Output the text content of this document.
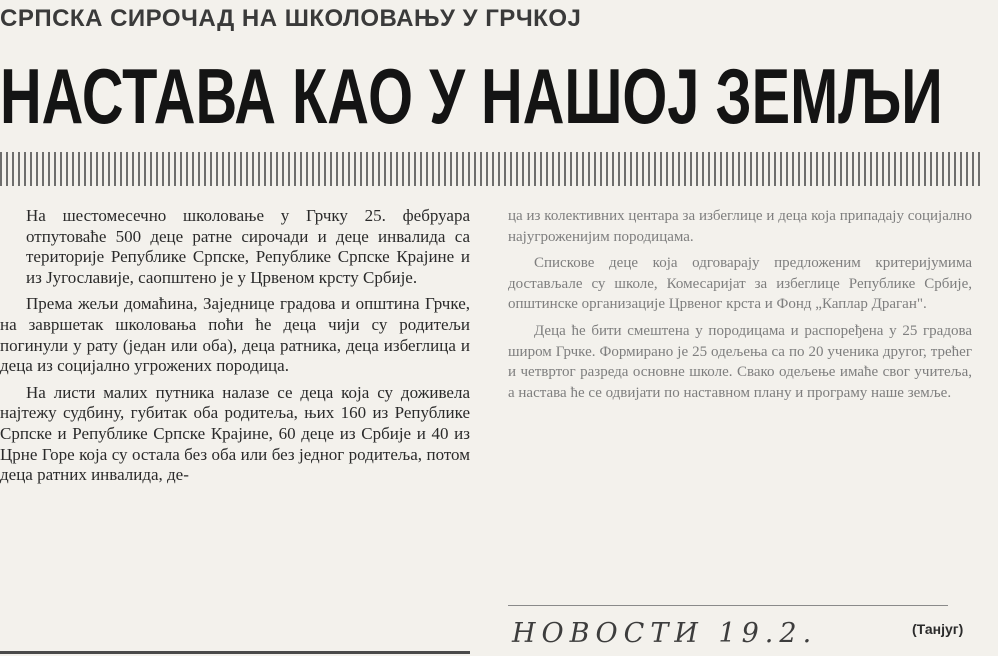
СРПСКА СИРОЧАД НА ШКОЛОВАЊУ У ГРЧКОЈ
НАСТАВА КАО У НАШОЈ ЗЕМЉИ

На шестомесечно школовање у Грчку 25. фебруара отпутоваће 500 деце ратне сирочади и деце инвалида са територије Републике Српске, Републике Српске Крајине и из Југославије, саопштено је у Црвеном крсту Србије.

Према жељи домаћина, Заједнице градова и општина Грчке, на завршетак школовања поћи ће деца чији су родитељи погинули у рату (један или оба), деца ратника, деца избеглица и деца из социјално угрожених породица.

На листи малих путника налазе се деца која су доживела најтежу судбину, губитак оба родитеља, њих 160 из Републике Српске и Републике Српске Крајине, 60 деце из Србије и 40 из Црне Горе која су остала без оба или без једног родитеља, потом деца ратних инвалида, де-

ца из колективних центара за избеглице и деца која припадају социјално најугроженијим породицама.

Спискове деце која одговарају предложеним критеријумима достављале су школе, Комесаријат за избеглице Републике Србије, општинске организације Црвеног крста и Фонд „Каплар Драган".

Деца ће бити смештена у породицама и распоређена у 25 градова широм Грчке. Формирано је 25 одељења са по 20 ученика другог, трећег и четвртог разреда основне школе. Свако одељење имаће свог учитеља, а настава ће се одвијати по наставном плану и програму наше земље.

НОВОСТИ 19.2.	(Танјуг)
